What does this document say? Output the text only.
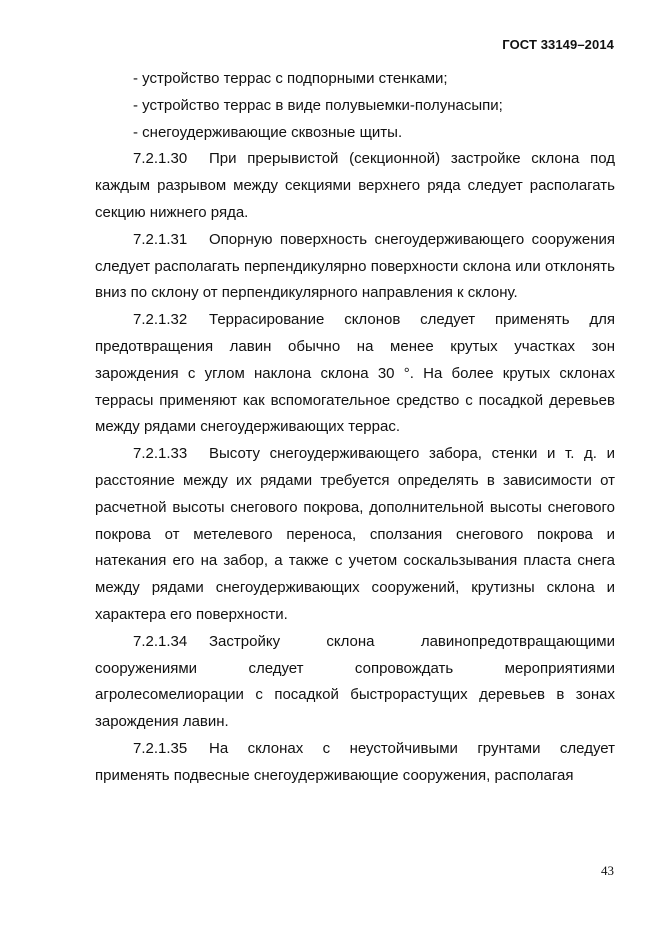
ГОСТ 33149–2014
- устройство террас с подпорными стенками;
- устройство террас в виде полувыемки-полунасыпи;
- снегоудерживающие сквозные щиты.
7.2.1.30 При прерывистой (секционной) застройке склона под каждым разрывом между секциями верхнего ряда следует располагать секцию нижнего ряда.
7.2.1.31 Опорную поверхность снегоудерживающего сооружения следует располагать перпендикулярно поверхности склона или отклонять вниз по склону от перпендикулярного направления к склону.
7.2.1.32 Террасирование склонов следует применять для предотвращения лавин обычно на менее крутых участках зон зарождения с углом наклона склона 30 °. На более крутых склонах террасы применяют как вспомогательное средство с посадкой деревьев между рядами снегоудерживающих террас.
7.2.1.33 Высоту снегоудерживающего забора, стенки и т. д. и расстояние между их рядами требуется определять в зависимости от расчетной высоты снегового покрова, дополнительной высоты снегового покрова от метелевого переноса, сползания снегового покрова и натекания его на забор, а также с учетом соскальзывания пласта снега между рядами снегоудерживающих сооружений, крутизны склона и характера его поверхности.
7.2.1.34 Застройку склона лавинопредотвращающими сооружениями следует сопровождать мероприятиями агролесомелиорации с посадкой быстрорастущих деревьев в зонах зарождения лавин.
7.2.1.35 На склонах с неустойчивыми грунтами следует применять подвесные снегоудерживающие сооружения, располагая
43
